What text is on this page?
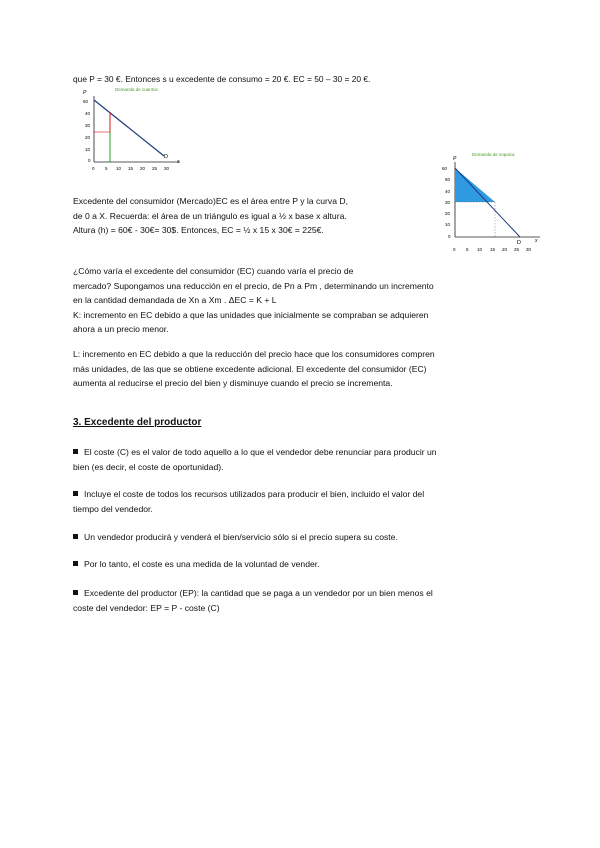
que P = 30 €. Entonces s u excedente de consumo = 20 €. EC = 50 – 30 = 20 €.

Demanda de cuantos
P
50
40
30
20
10
0
0 5 10 15 20 25 30
D
x
Demanda de sopaica
P
60
50
40
30
20
10
0
0 5 10 15 20 25 30
D	x
Excedente del consumidor (Mercado)EC es el área entre P y la curva D,
de 0 a X. Recuerda: el área de un triángulo es igual a ½ x base x altura.
Altura (h) = 60€ - 30€= 30$. Entonces, EC = ½ x 15 x 30€ = 225€.
¿Cómo varía el excedente del consumidor (EC) cuando varía el precio de
mercado? Supongamos una reducción en el precio, de Pn a Pm , determinando un incremento
en la cantidad demandada de Xn a Xm . ΔEC = K + L
K: incremento en EC debido a que las unidades que inicialmente se compraban se adquieren
ahora a un precio menor.
L: incremento en EC debido a que la reducción del precio hace que los consumidores compren
más unidades, de las que se obtiene excedente adicional. El excedente del consumidor (EC)
aumenta al reducirse el precio del bien y disminuye cuando el precio se incrementa.
3. Excedente del productor
El coste (C) es el valor de todo aquello a lo que el vendedor debe renunciar para producir un
bien (es decir, el coste de oportunidad).
Incluye el coste de todos los recursos utilizados para producir el bien, incluido el valor del
tiempo del vendedor.
Un vendedor producirá y venderá el bien/servicio sólo si el precio supera su coste.
Por lo tanto, el coste es una medida de la voluntad de vender.
Excedente del productor (EP): la cantidad que se paga a un vendedor por un bien menos el
coste del vendedor: EP = P - coste (C)
